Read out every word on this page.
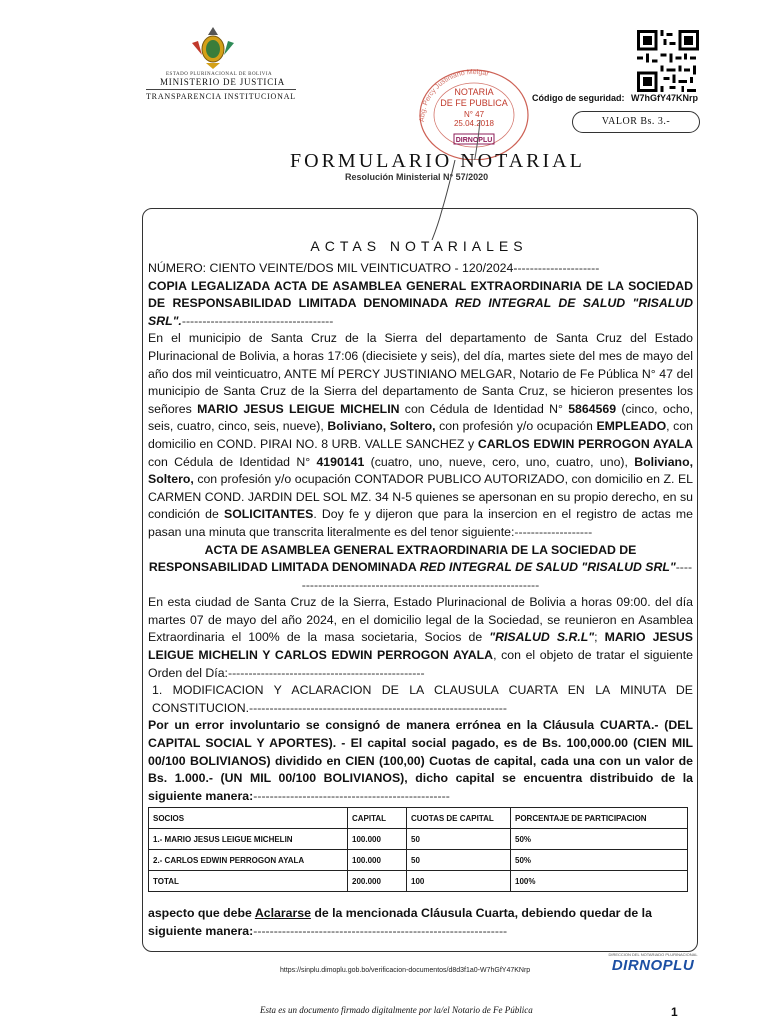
ESTADO PLURINACIONAL DE BOLIVIA
MINISTERIO DE JUSTICIA
TRANSPARENCIA INSTITUCIONAL	Código de seguridad: W7hGfY47KNrp
VALOR Bs. 3.-
Abg. Percy Justiniano Melgar
NOTARIA
DE FE PUBLICA
N° 47
25.04.2018
DIRNOPLU
FORMULARIO NOTARIAL
Resolución Ministerial N° 57/2020
ACTAS NOTARIALES

NÚMERO: CIENTO VEINTE/DOS MIL VEINTICUATRO - 120/2024---------------------

COPIA LEGALIZADA ACTA DE ASAMBLEA GENERAL EXTRAORDINARIA DE LA SOCIEDAD DE RESPONSABILIDAD LIMITADA DENOMINADA RED INTEGRAL DE SALUD "RISALUD SRL".-------------------------------------

En el municipio de Santa Cruz de la Sierra del departamento de Santa Cruz del Estado Plurinacional de Bolivia, a horas 17:06 (diecisiete y seis), del día, martes siete del mes de mayo del año dos mil veinticuatro, ANTE MÍ PERCY JUSTINIANO MELGAR, Notario de Fe Pública N° 47 del municipio de Santa Cruz de la Sierra del departamento de Santa Cruz, se hicieron presentes los señores MARIO JESUS LEIGUE MICHELIN con Cédula de Identidad N° 5864569 (cinco, ocho, seis, cuatro, cinco, seis, nueve), Boliviano, Soltero, con profesión y/o ocupación EMPLEADO, con domicilio en COND. PIRAI NO. 8 URB. VALLE SANCHEZ y CARLOS EDWIN PERROGON AYALA con Cédula de Identidad N° 4190141 (cuatro, uno, nueve, cero, uno, cuatro, uno), Boliviano, Soltero, con profesión y/o ocupación CONTADOR PUBLICO AUTORIZADO, con domicilio en Z. EL CARMEN COND. JARDIN DEL SOL MZ. 34 N-5 quienes se apersonan en su propio derecho, en su condición de SOLICITANTES. Doy fe y dijeron que para la insercion en el registro de actas me pasan una minuta que transcrita literalmente es del tenor siguiente:-------------------

ACTA DE ASAMBLEA GENERAL EXTRAORDINARIA DE LA SOCIEDAD DE RESPONSABILIDAD LIMITADA DENOMINADA RED INTEGRAL DE SALUD "RISALUD SRL"--------------------------------------------------------------

En esta ciudad de Santa Cruz de la Sierra, Estado Plurinacional de Bolivia a horas 09:00. del día martes 07 de mayo del año 2024, en el domicilio legal de la Sociedad, se reunieron en Asamblea Extraordinaria el 100% de la masa societaria, Socios de "RISALUD S.R.L"; MARIO JESUS LEIGUE MICHELIN Y CARLOS EDWIN PERROGON AYALA, con el objeto de tratar el siguiente Orden del Día:------------------------------------------------

1. MODIFICACION Y ACLARACION DE LA CLAUSULA CUARTA EN LA MINUTA DE CONSTITUCION.---------------------------------------------------------------

Por un error involuntario se consignó de manera errónea en la Cláusula CUARTA.- (DEL CAPITAL SOCIAL Y APORTES). - El capital social pagado, es de Bs. 100,000.00 (CIEN MIL 00/100 BOLIVIANOS) dividido en CIEN (100,00) Cuotas de capital, cada una con un valor de Bs. 1.000.- (UN MIL 00/100 BOLIVIANOS), dicho capital se encuentra distribuido de la siguiente manera:------------------------------------------------

SOCIOS	CAPITAL	CUOTAS DE CAPITAL	PORCENTAJE DE PARTICIPACION
1.- MARIO JESUS LEIGUE MICHELIN	100.000	50	50%
2.- CARLOS EDWIN PERROGON AYALA	100.000	50	50%
TOTAL	200.000	100	100%
aspecto que debe Aclararse de la mencionada Cláusula Cuarta, debiendo quedar de la siguiente manera:--------------------------------------------------------------
https://sinplu.dimoplu.gob.bo/verificacion-documentos/d8d3f1a0-W7hGfY47KNrp
DIRECCION DEL NOTARIADO PLURINACIONAL
DIRNOPLU
Esta es un documento firmado digitalmente por la/el Notario de Fe Pública	1
